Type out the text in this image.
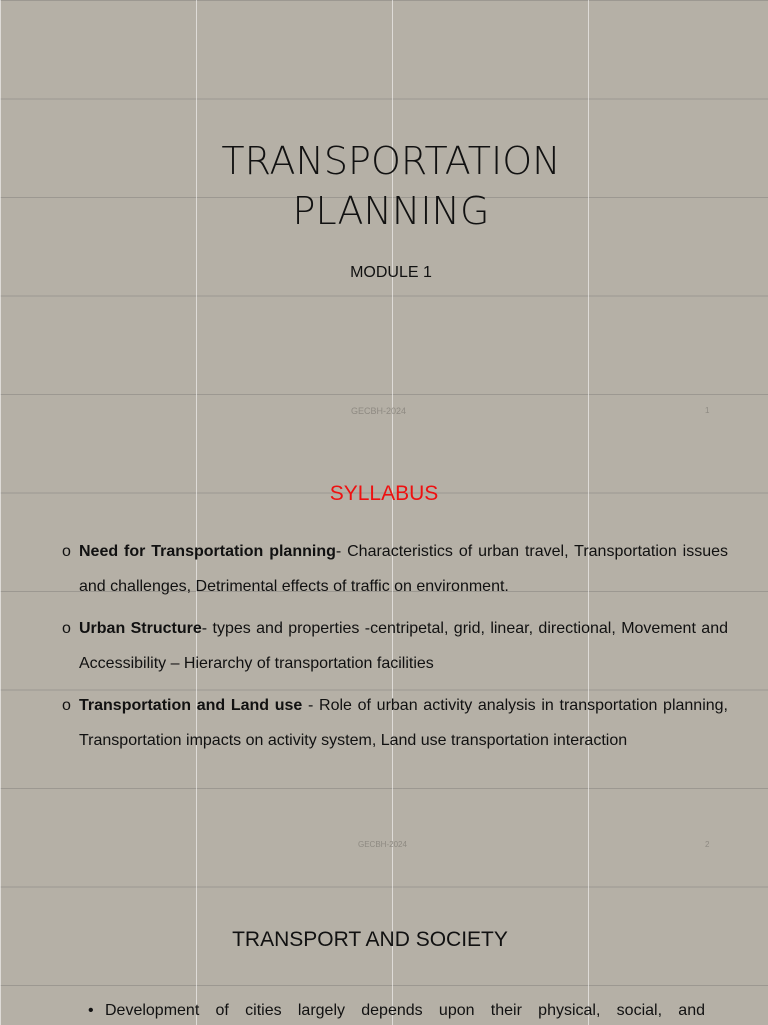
TRANSPORTATION
PLANNING
MODULE 1
GECBH-2024	1
SYLLABUS
o Need for Transportation planning- Characteristics of urban travel, Transportation issues and challenges, Detrimental effects of traffic on environment.
o Urban Structure- types and properties -centripetal, grid, linear, directional, Movement and Accessibility – Hierarchy of transportation facilities
o Transportation and Land use - Role of urban activity analysis in transportation planning, Transportation impacts on activity system, Land use transportation interaction
GECBH-2024	2
TRANSPORT AND SOCIETY
• Development of cities largely depends upon their physical, social, and
